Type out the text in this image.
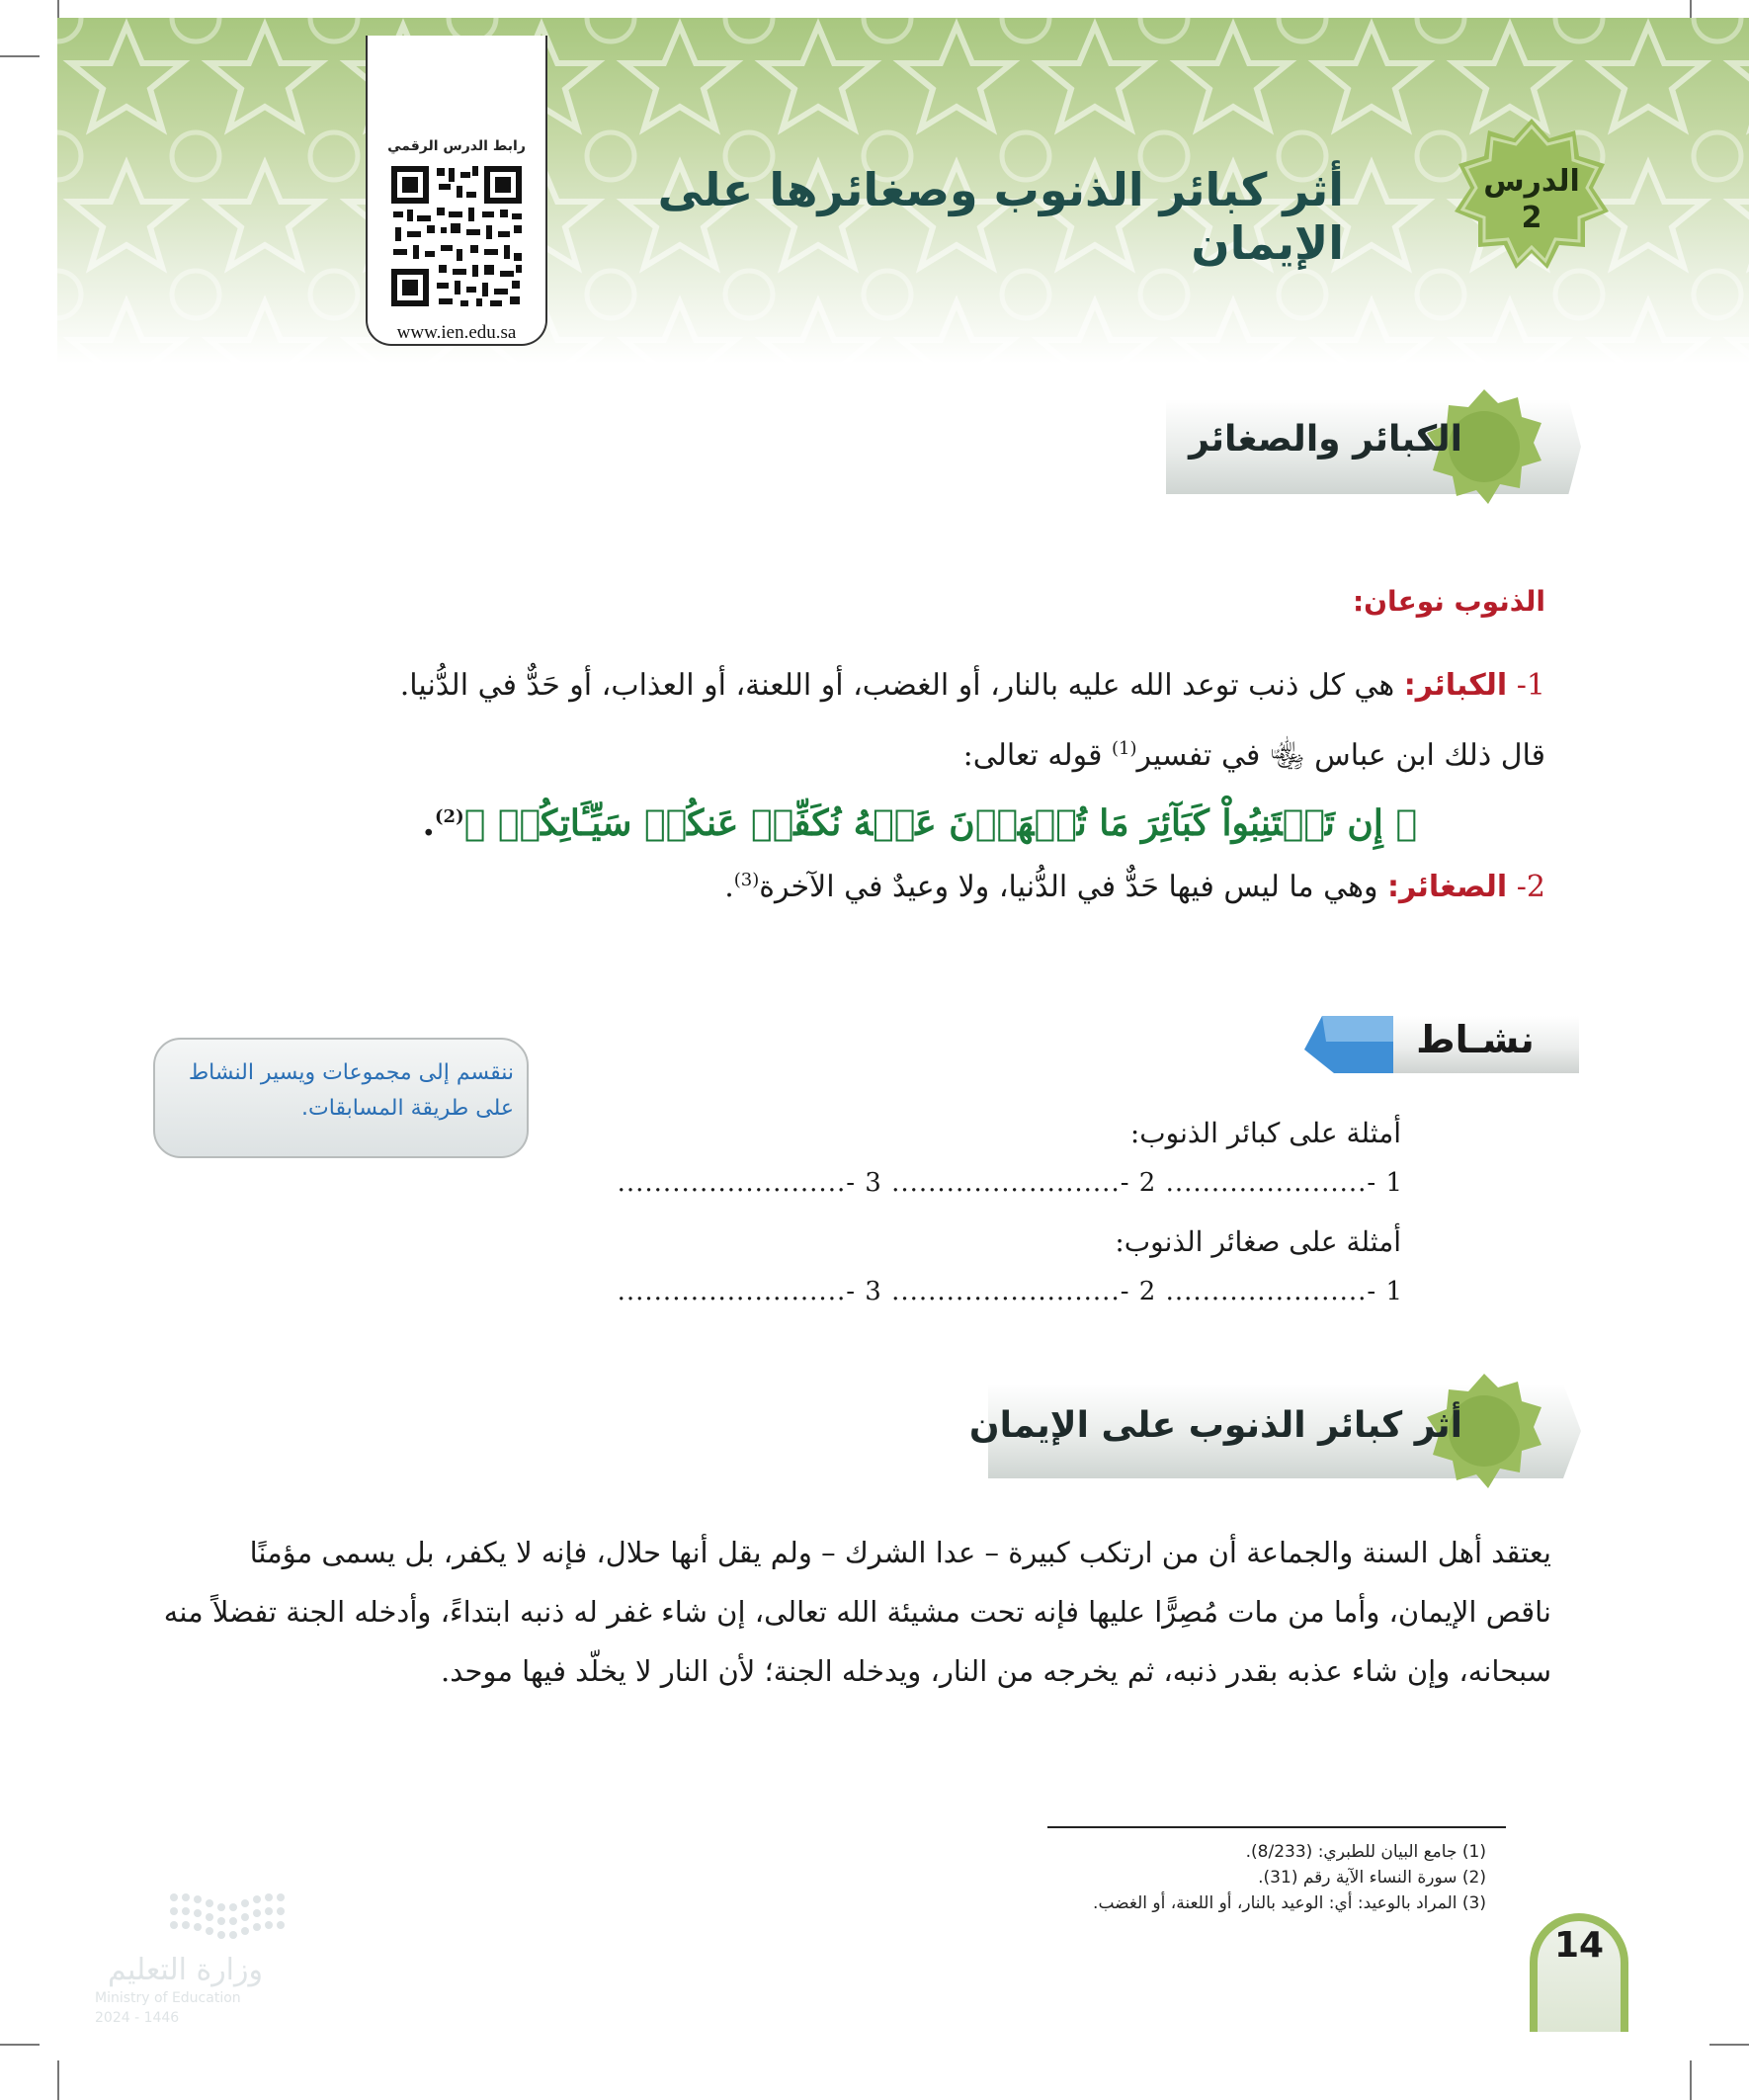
رابط الدرس الرقمي
www.ien.edu.sa
أثر كبائر الذنوب وصغائرها على الإيمان
الدرس
2
الكبائر والصغائر
الذنوب نوعان:
1- الكبائر: هي كل ذنب توعد الله عليه بالنار، أو الغضب، أو اللعنة، أو العذاب، أو حَدٌّ في الدُّنيا.
قال ذلك ابن عباس ﵄ في تفسير$^{(1)}$ قوله تعالى:
﴿ إِن تَجۡتَنِبُواْ كَبَآئِرَ مَا تُنۡهَوۡنَ عَنۡهُ نُكَفِّرۡ عَنكُمۡ سَيِّـَٔاتِكُمۡ ﴾$^{(2)}$.
2- الصغائر: وهي ما ليس فيها حَدٌّ في الدُّنيا، ولا وعيدٌ في الآخرة$^{(3)}$.
نشـاط
ننقسم إلى مجموعات ويسير النشاط على طريقة المسابقات.
أمثلة على كبائر الذنوب:
1 -...................... 2 -......................... 3 -.........................
أمثلة على صغائر الذنوب:
1 -...................... 2 -......................... 3 -.........................
أثر كبائر الذنوب على الإيمان
يعتقد أهل السنة والجماعة أن من ارتكب كبيرة – عدا الشرك – ولم يقل أنها حلال، فإنه لا يكفر، بل يسمى مؤمنًا
ناقص الإيمان، وأما من مات مُصِرًّا عليها فإنه تحت مشيئة الله تعالى، إن شاء غفر له ذنبه ابتداءً، وأدخله الجنة تفضلاً منه
سبحانه، وإن شاء عذبه بقدر ذنبه، ثم يخرجه من النار، ويدخله الجنة؛ لأن النار لا يخلّد فيها موحد.
(1) جامع البيان للطبري: (8/233).
(2) سورة النساء الآية رقم (31).
(3) المراد بالوعيد: أي: الوعيد بالنار، أو اللعنة، أو الغضب.
وزارة التعليم
Ministry of Education
2024 - 1446
14
